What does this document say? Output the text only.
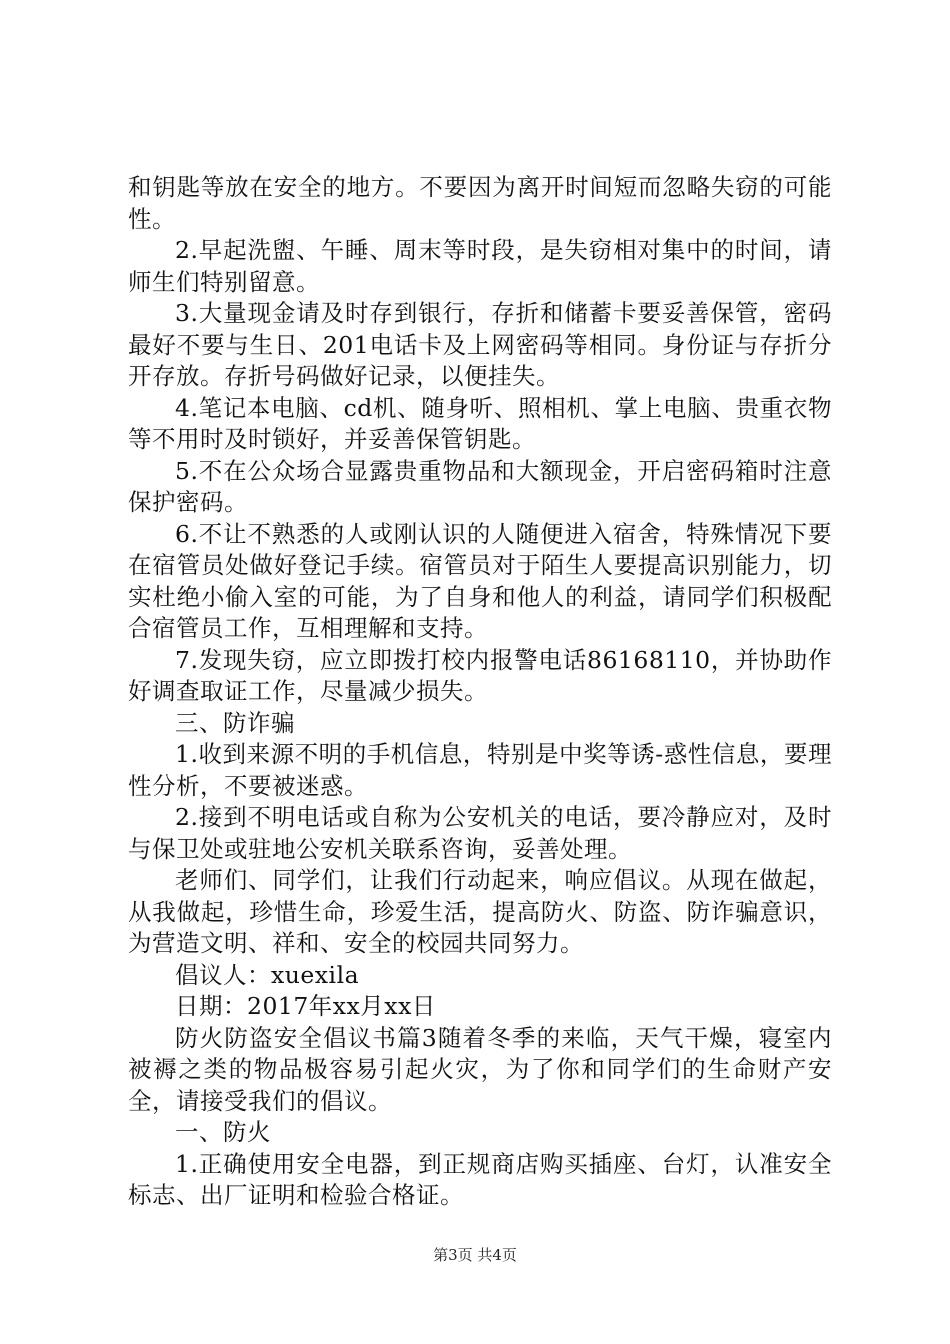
和钥匙等放在安全的地方。不要因为离开时间短而忽略失窃的可能性。

2.早起洗盥、午睡、周末等时段，是失窃相对集中的时间，请师生们特别留意。

3.大量现金请及时存到银行，存折和储蓄卡要妥善保管，密码最好不要与生日、201电话卡及上网密码等相同。身份证与存折分开存放。存折号码做好记录，以便挂失。

4.笔记本电脑、cd机、随身听、照相机、掌上电脑、贵重衣物等不用时及时锁好，并妥善保管钥匙。

5.不在公众场合显露贵重物品和大额现金，开启密码箱时注意保护密码。

6.不让不熟悉的人或刚认识的人随便进入宿舍，特殊情况下要在宿管员处做好登记手续。宿管员对于陌生人要提高识别能力，切实杜绝小偷入室的可能，为了自身和他人的利益，请同学们积极配合宿管员工作，互相理解和支持。

7.发现失窃，应立即拨打校内报警电话86168110，并协助作好调查取证工作，尽量减少损失。

三、防诈骗

1.收到来源不明的手机信息，特别是中奖等诱-惑性信息，要理性分析，不要被迷惑。

2.接到不明电话或自称为公安机关的电话，要冷静应对，及时与保卫处或驻地公安机关联系咨询，妥善处理。

老师们、同学们，让我们行动起来，响应倡议。从现在做起，从我做起，珍惜生命，珍爱生活，提高防火、防盗、防诈骗意识，为营造文明、祥和、安全的校园共同努力。

倡议人：xuexila

日期：2017年xx月xx日

防火防盗安全倡议书篇3随着冬季的来临，天气干燥，寝室内被褥之类的物品极容易引起火灾，为了你和同学们的生命财产安全，请接受我们的倡议。

一、防火

1.正确使用安全电器，到正规商店购买插座、台灯，认准安全标志、出厂证明和检验合格证。

第3页 共4页
